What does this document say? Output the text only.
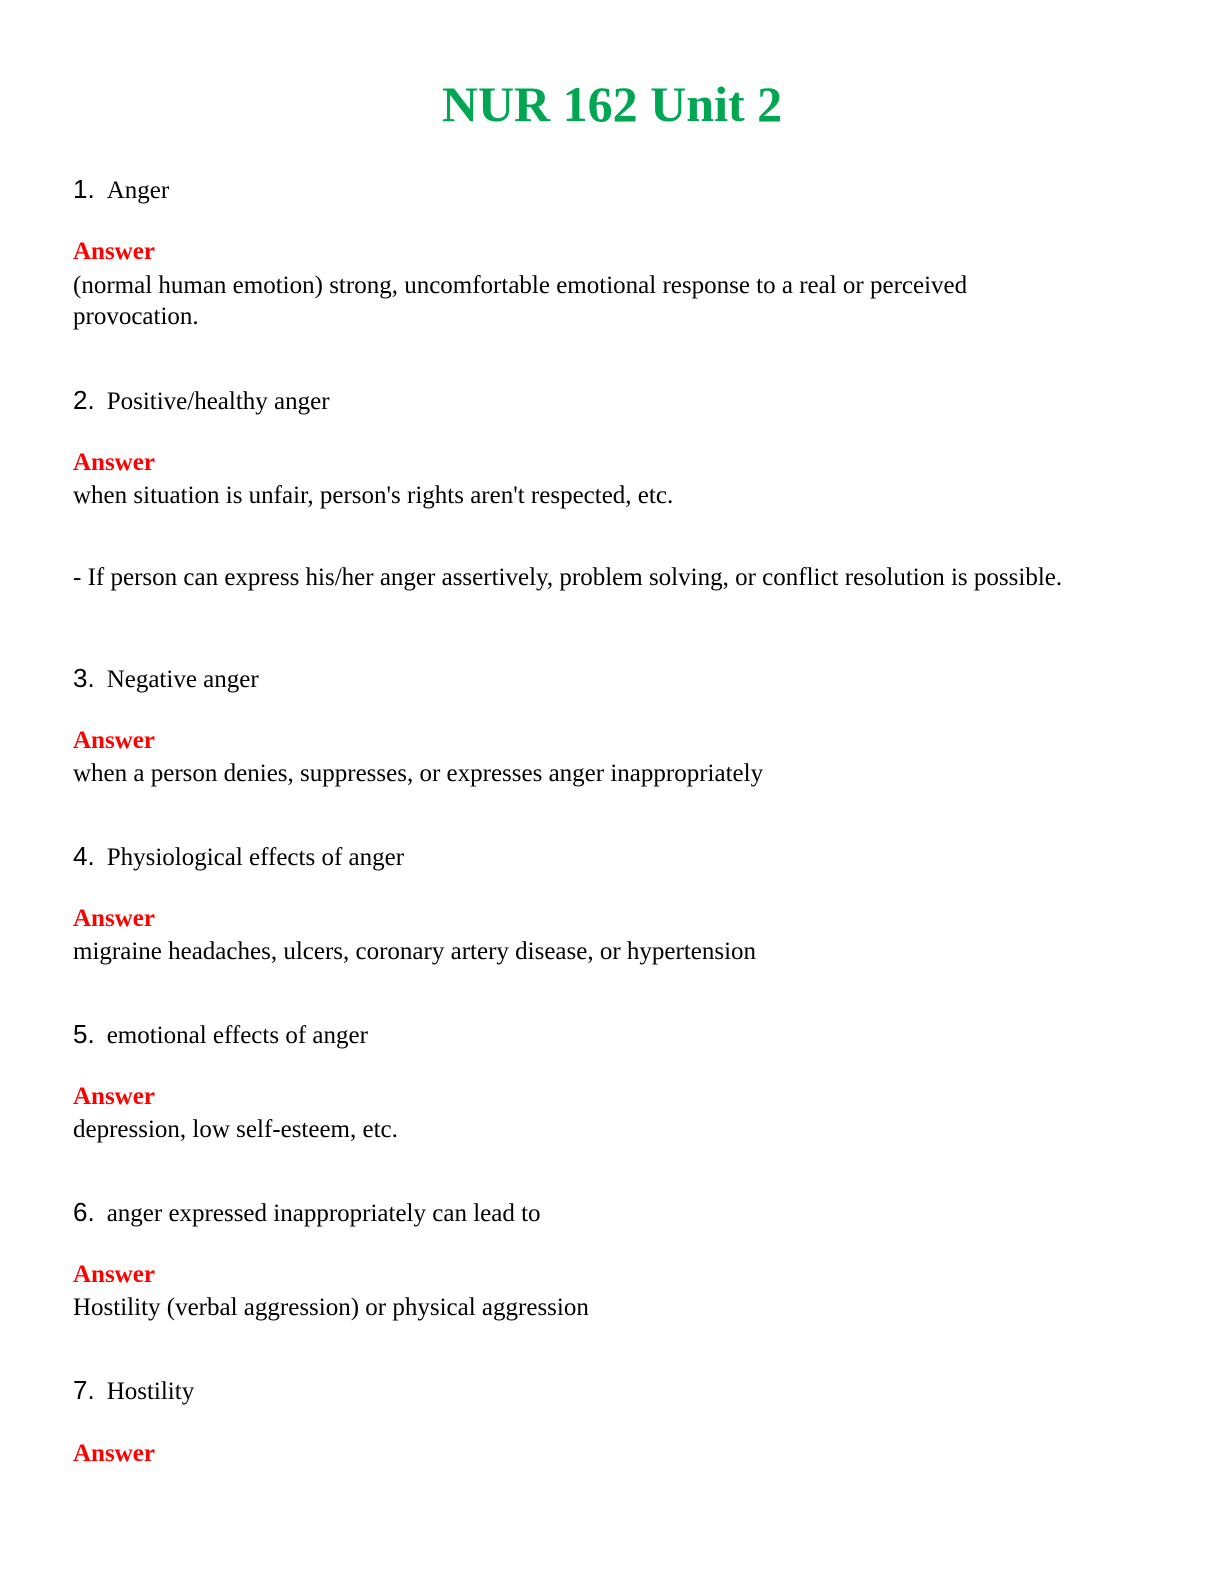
NUR 162 Unit 2

1. Anger

Answer

(normal human emotion) strong, uncomfortable emotional response to a real or perceived provocation.

2. Positive/healthy anger

Answer

when situation is unfair, person's rights aren't respected, etc.

- If person can express his/her anger assertively, problem solving, or conflict resolution is possible.

3. Negative anger

Answer

when a person denies, suppresses, or expresses anger inappropriately

4. Physiological effects of anger

Answer

migraine headaches, ulcers, coronary artery disease, or hypertension

5. emotional effects of anger

Answer

depression, low self-esteem, etc.

6. anger expressed inappropriately can lead to

Answer

Hostility (verbal aggression) or physical aggression

7. Hostility

Answer
